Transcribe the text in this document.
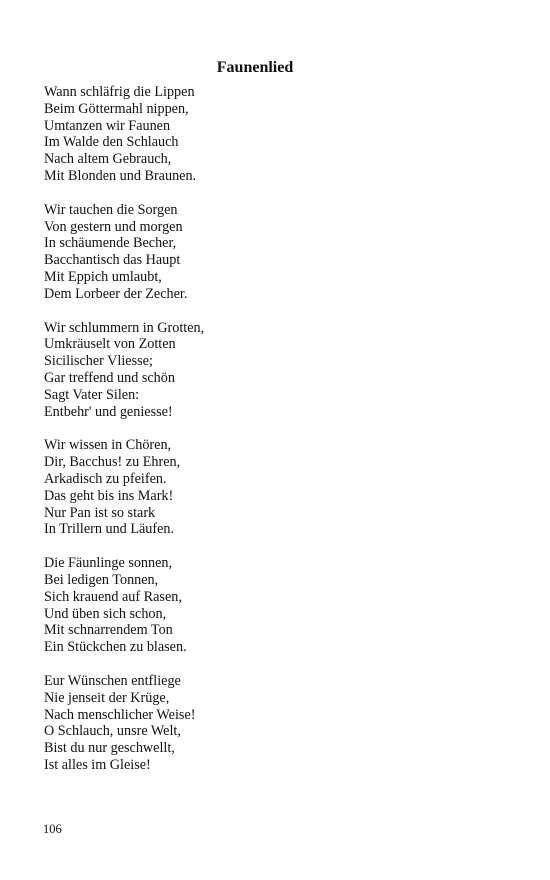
Faunenlied
Wann schläfrig die Lippen
Beim Göttermahl nippen,
Umtanzen wir Faunen
Im Walde den Schlauch
Nach altem Gebrauch,
Mit Blonden und Braunen.
Wir tauchen die Sorgen
Von gestern und morgen
In schäumende Becher,
Bacchantisch das Haupt
Mit Eppich umlaubt,
Dem Lorbeer der Zecher.
Wir schlummern in Grotten,
Umkräuselt von Zotten
Sicilischer Vliesse;
Gar treffend und schön
Sagt Vater Silen:
Entbehr' und geniesse!
Wir wissen in Chören,
Dir, Bacchus! zu Ehren,
Arkadisch zu pfeifen.
Das geht bis ins Mark!
Nur Pan ist so stark
In Trillern und Läufen.
Die Fäunlinge sonnen,
Bei ledigen Tonnen,
Sich krauend auf Rasen,
Und üben sich schon,
Mit schnarrendem Ton
Ein Stückchen zu blasen.
Eur Wünschen entfliege
Nie jenseit der Krüge,
Nach menschlicher Weise!
O Schlauch, unsre Welt,
Bist du nur geschwellt,
Ist alles im Gleise!
106
